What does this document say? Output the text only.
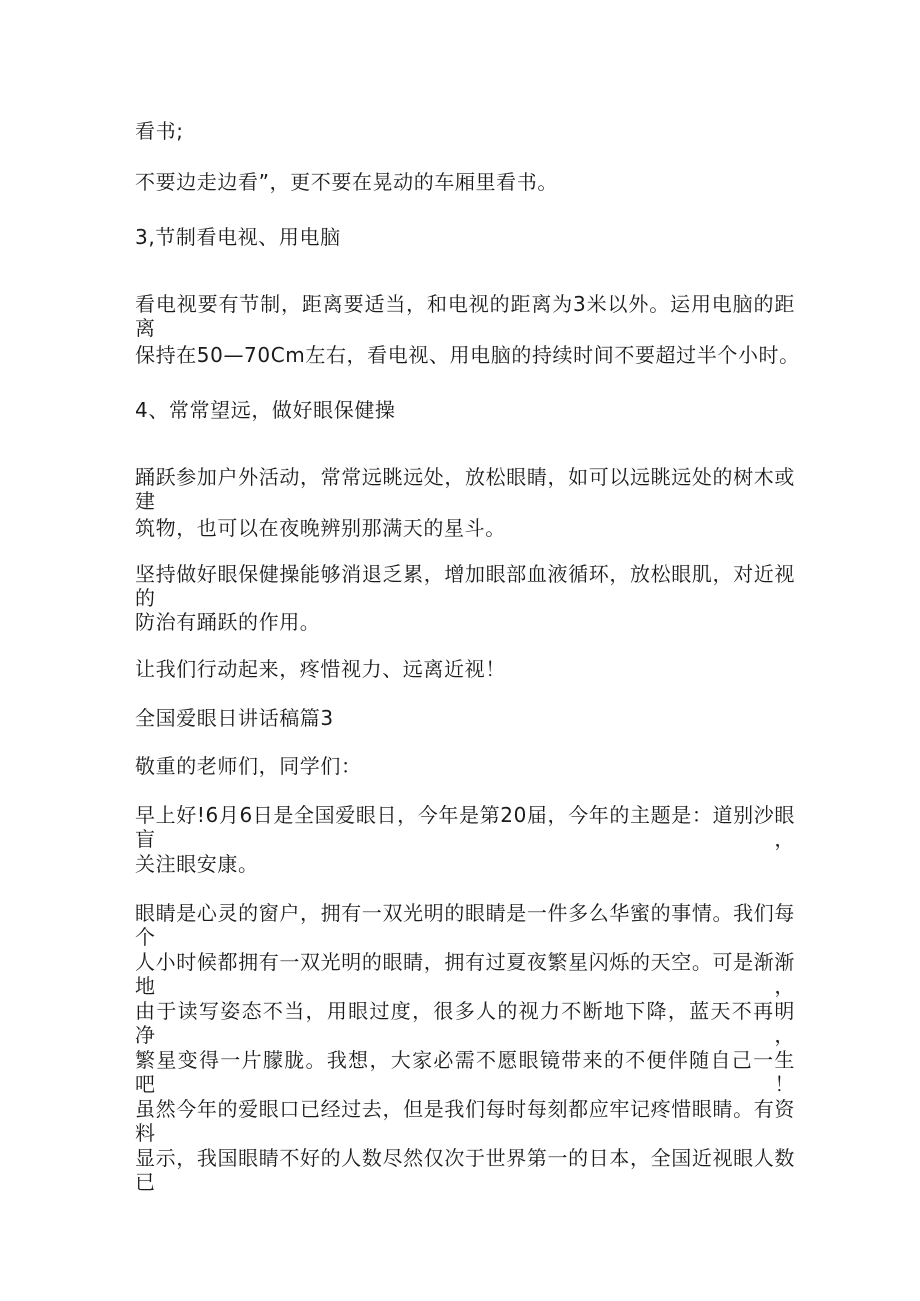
看书;
不要边走边看”，更不要在晃动的车厢里看书。
3,节制看电视、用电脑
看电视要有节制，距离要适当，和电视的距离为3米以外。运用电脑的距离
保持在50—70Cm左右，看电视、用电脑的持续时间不要超过半个小时。
4、常常望远，做好眼保健操
踊跃参加户外活动，常常远眺远处，放松眼睛，如可以远眺远处的树木或建
筑物，也可以在夜晚辨别那满天的星斗。
坚持做好眼保健操能够消退乏累，增加眼部血液循环，放松眼肌，对近视的
防治有踊跃的作用。
让我们行动起来，疼惜视力、远离近视！
全国爱眼日讲话稿篇3
敬重的老师们，同学们：
早上好!6月6日是全国爱眼日，今年是第20届，今年的主题是：道别沙眼盲，
关注眼安康。
眼睛是心灵的窗户，拥有一双光明的眼睛是一件多么华蜜的事情。我们每个
人小时候都拥有一双光明的眼睛，拥有过夏夜繁星闪烁的天空。可是渐渐地，
由于读写姿态不当，用眼过度，很多人的视力不断地下降，蓝天不再明净，
繁星变得一片朦胧。我想，大家必需不愿眼镜带来的不便伴随自己一生吧！
虽然今年的爱眼口已经过去，但是我们每时每刻都应牢记疼惜眼睛。有资料
显示，我国眼睛不好的人数尽然仅次于世界第一的日本，全国近视眼人数已
